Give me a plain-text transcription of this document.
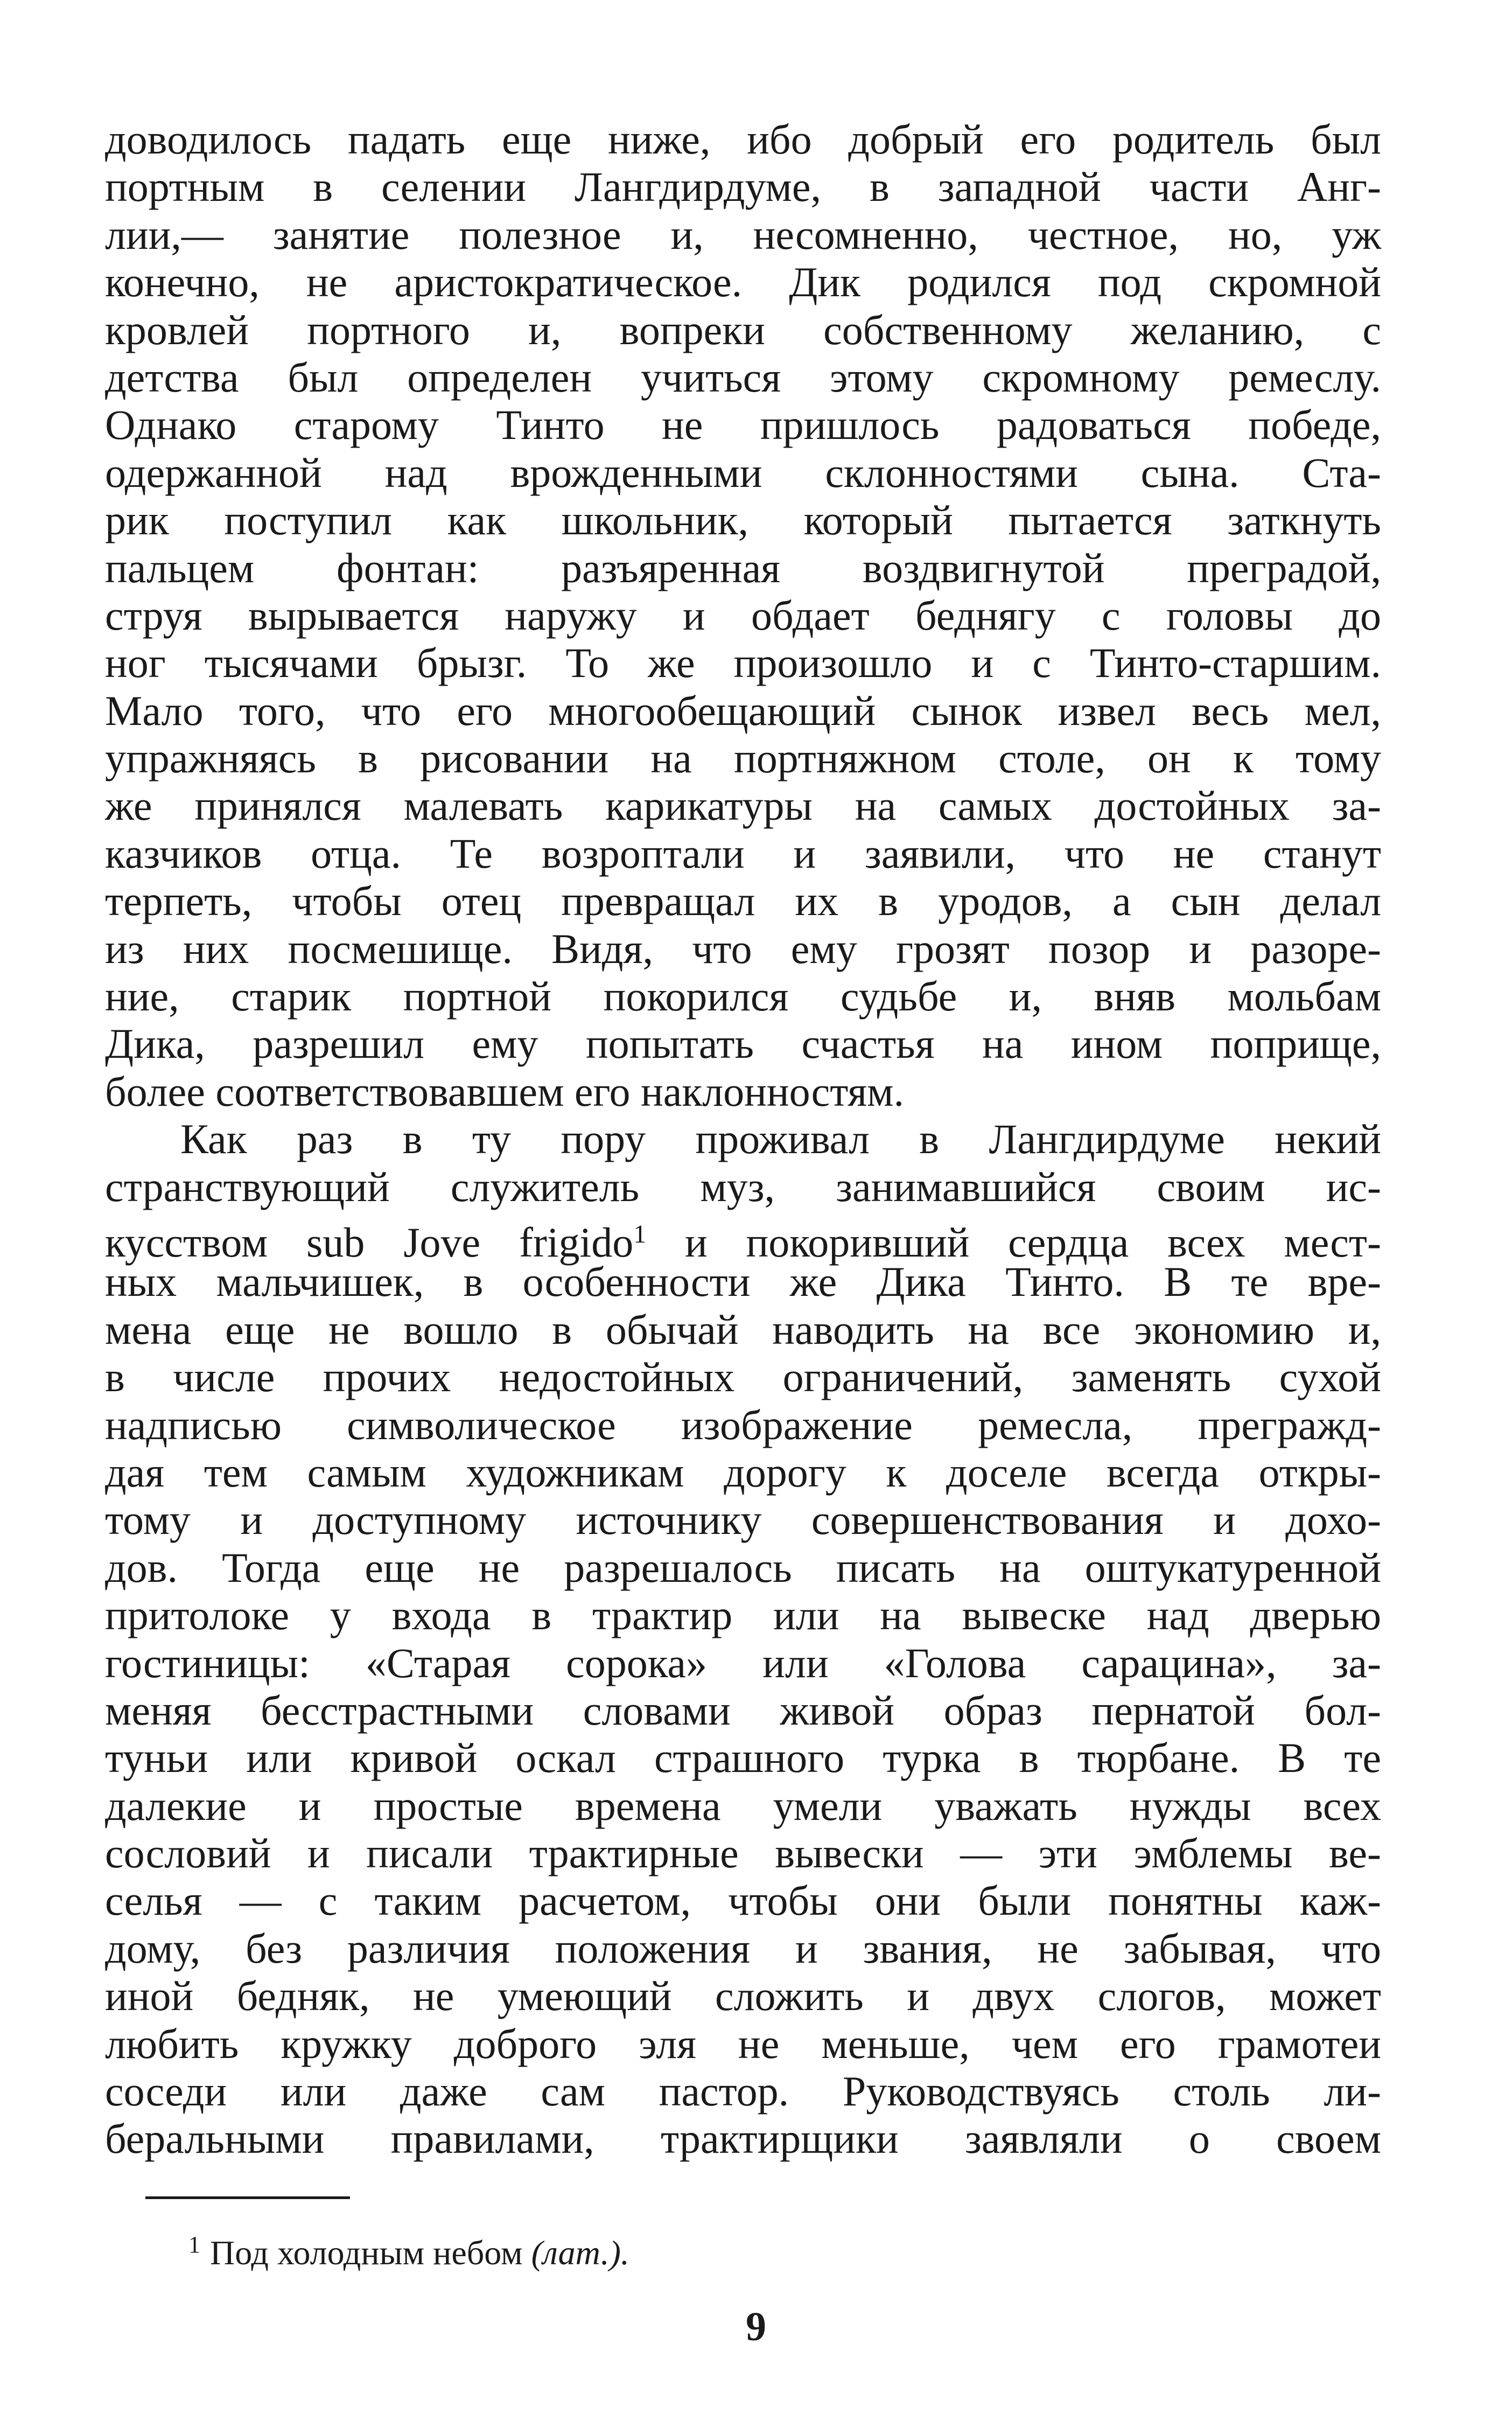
доводилось падать еще ниже, ибо добрый его родитель был
портным в селении Лангдирдуме, в западной части Анг-
лии,— занятие полезное и, несомненно, честное, но, уж
конечно, не аристократическое. Дик родился под скромной
кровлей портного и, вопреки собственному желанию, с
детства был определен учиться этому скромному ремеслу.
Однако старому Тинто не пришлось радоваться победе,
одержанной над врожденными склонностями сына. Ста-
рик поступил как школьник, который пытается заткнуть
пальцем фонтан: разъяренная воздвигнутой преградой,
струя вырывается наружу и обдает беднягу с головы до
ног тысячами брызг. То же произошло и с Тинто-старшим.
Мало того, что его многообещающий сынок извел весь мел,
упражняясь в рисовании на портняжном столе, он к тому
же принялся малевать карикатуры на самых достойных за-
казчиков отца. Те возроптали и заявили, что не станут
терпеть, чтобы отец превращал их в уродов, а сын делал
из них посмешище. Видя, что ему грозят позор и разоре-
ние, старик портной покорился судьбе и, вняв мольбам
Дика, разрешил ему попытать счастья на ином поприще,
более соответствовавшем его наклонностям.
Как раз в ту пору проживал в Лангдирдуме некий
странствующий служитель муз, занимавшийся своим ис-
кусством sub Jove frigido$^1$ и покоривший сердца всех мест-
ных мальчишек, в особенности же Дика Тинто. В те вре-
мена еще не вошло в обычай наводить на все экономию и,
в числе прочих недостойных ограничений, заменять сухой
надписью символическое изображение ремесла, прегражд-
дая тем самым художникам дорогу к доселе всегда откры-
тому и доступному источнику совершенствования и дохо-
дов. Тогда еще не разрешалось писать на оштукатуренной
притолоке у входа в трактир или на вывеске над дверью
гостиницы: «Старая сорока» или «Голова сарацина», за-
меняя бесстрастными словами живой образ пернатой бол-
туньи или кривой оскал страшного турка в тюрбане. В те
далекие и простые времена умели уважать нужды всех
сословий и писали трактирные вывески — эти эмблемы ве-
селья — с таким расчетом, чтобы они были понятны каж-
дому, без различия положения и звания, не забывая, что
иной бедняк, не умеющий сложить и двух слогов, может
любить кружку доброго эля не меньше, чем его грамотеи
соседи или даже сам пастор. Руководствуясь столь ли-
беральными правилами, трактирщики заявляли о своем
$^1$ Под холодным небом (лат.).
9
